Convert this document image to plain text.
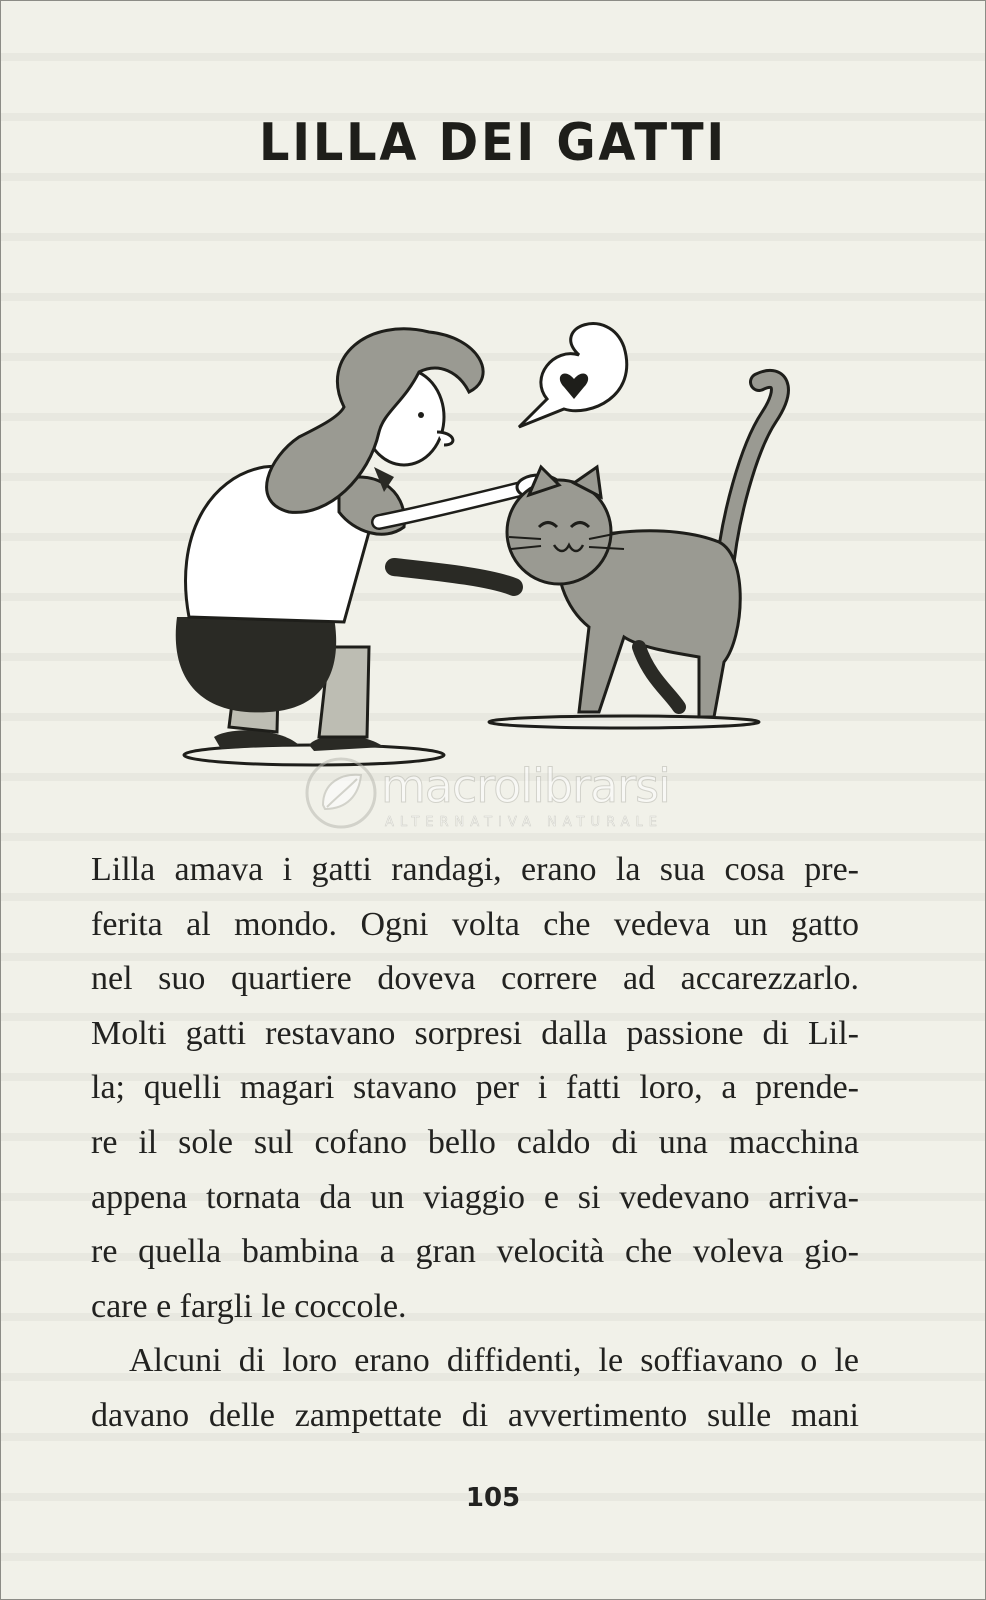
LILLA DEI GATTI
macrolibrarsi
ALTERNATIVA NATURALE
Lilla amava i gatti randagi, erano la sua cosa pre-
ferita al mondo. Ogni volta che vedeva un gatto
nel suo quartiere doveva correre ad accarezzarlo.
Molti gatti restavano sorpresi dalla passione di Lil-
la; quelli magari stavano per i fatti loro, a prende-
re il sole sul cofano bello caldo di una macchina
appena tornata da un viaggio e si vedevano arriva-
re quella bambina a gran velocità che voleva gio-
care e fargli le coccole.
Alcuni di loro erano diffidenti, le soffiavano o le
davano delle zampettate di avvertimento sulle mani
105
